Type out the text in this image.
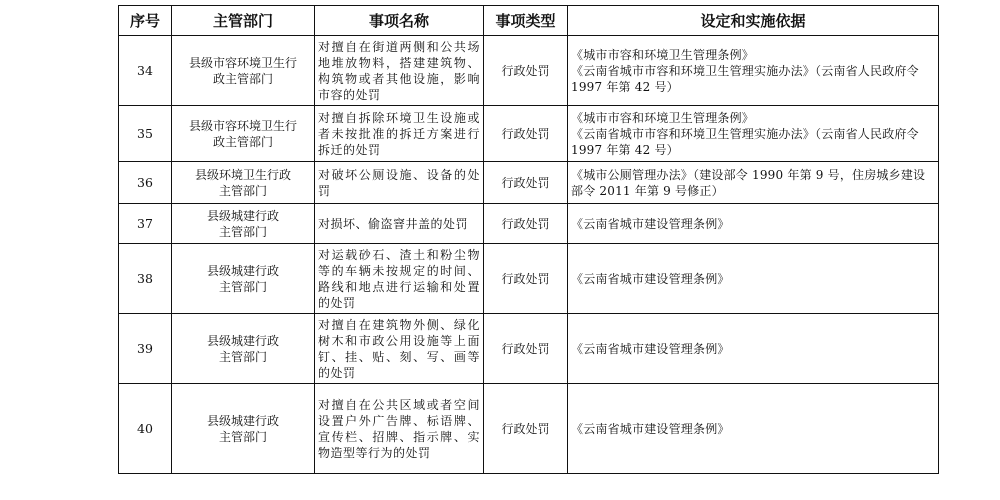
序号	主管部门	事项名称	事项类型	设定和实施依据
34	县级市容环境卫生行政主管部门	对擅自在街道两侧和公共场地堆放物料，搭建建筑物、构筑物或者其他设施，影响市容的处罚	行政处罚	《城市市容和环境卫生管理条例》
《云南省城市市容和环境卫生管理实施办法》（云南省人民政府令 1997 年第 42 号）

35	县级市容环境卫生行政主管部门	对擅自拆除环境卫生设施或者未按批准的拆迁方案进行拆迁的处罚	行政处罚	《城市市容和环境卫生管理条例》
《云南省城市市容和环境卫生管理实施办法》（云南省人民政府令 1997 年第 42 号）

36	县级环境卫生行政主管部门	对破坏公厕设施、设备的处罚	行政处罚	《城市公厕管理办法》（建设部令 1990 年第 9 号，住房城乡建设部令 2011 年第 9 号修正）

37	县级城建行政主管部门	对损坏、偷盗窨井盖的处罚	行政处罚	《云南省城市建设管理条例》

38	县级城建行政主管部门	对运载砂石、渣土和粉尘物等的车辆未按规定的时间、路线和地点进行运输和处置的处罚	行政处罚	《云南省城市建设管理条例》

39	县级城建行政主管部门	对擅自在建筑物外侧、绿化树木和市政公用设施等上面钉、挂、贴、刻、写、画等的处罚	行政处罚	《云南省城市建设管理条例》

40	县级城建行政主管部门	对擅自在公共区域或者空间设置户外广告牌、标语牌、宣传栏、招牌、指示牌、实物造型等行为的处罚	行政处罚	《云南省城市建设管理条例》
